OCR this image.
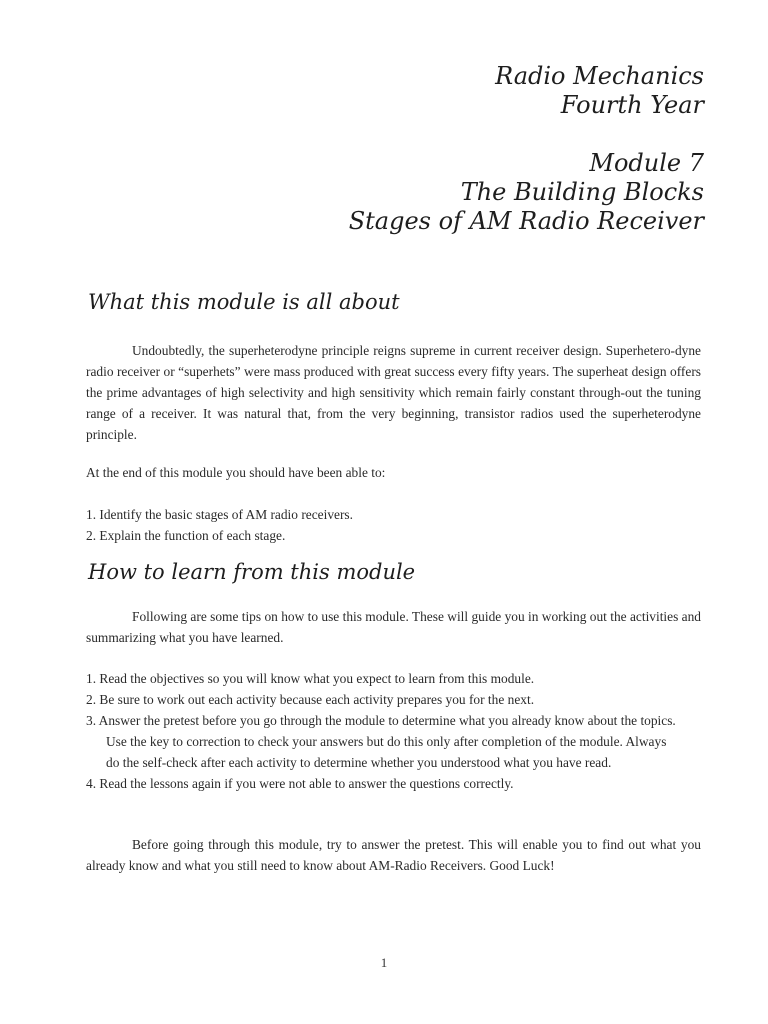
Radio Mechanics
Fourth Year
Module 7
The Building Blocks
Stages of AM Radio Receiver
What this module is all about
Undoubtedly, the superheterodyne principle reigns supreme in current receiver design. Superhetero-dyne radio receiver or “superhets” were mass produced with great success every fifty years. The superheat design offers the prime advantages of high selectivity and high sensitivity which remain fairly constant through-out the tuning range of a receiver. It was natural that, from the very beginning, transistor radios used the superheterodyne principle.
At the end of this module you should have been able to:
1. Identify the basic stages of AM radio receivers.
2. Explain the function of each stage.
How to learn from this module
Following are some tips on how to use this module. These will guide you in working out the activities and summarizing what you have learned.
1. Read the objectives so you will know what you expect to learn from this module.
2. Be sure to work out each activity because each activity prepares you for the next.
3. Answer the pretest before you go through the module to determine what you already know about the topics.
Use the key to correction to check your answers but do this only after completion of the module. Always
do the self-check after each activity to determine whether you understood what you have read.
4. Read the lessons again if you were not able to answer the questions correctly.
Before going through this module, try to answer the pretest. This will enable you to find out what you already know and what you still need to know about AM-Radio Receivers. Good Luck!
1
